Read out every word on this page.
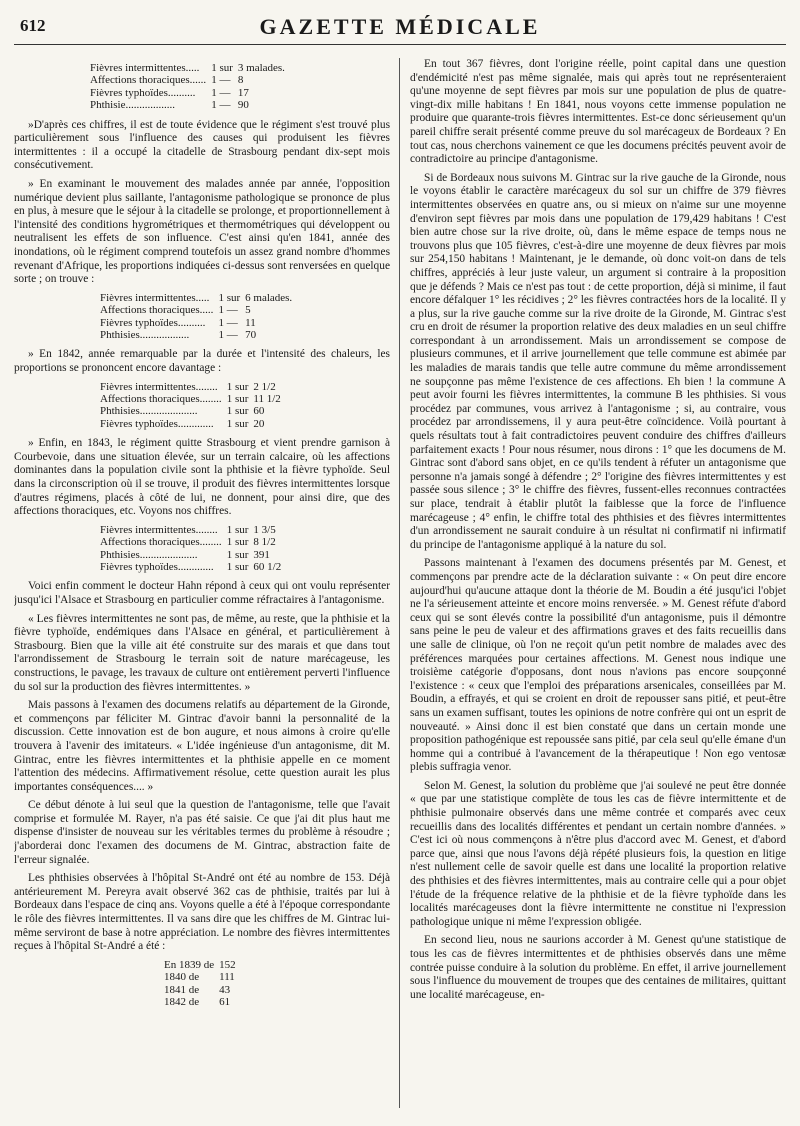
612	GAZETTE MÉDICALE
Fièvres intermittentes.....	1 sur	3 malades.
Affections thoraciques......	1 —	8
Fièvres typhoïdes..........	1 —	17
Phthisie..................	1 —	90

»D'après ces chiffres, il est de toute évidence que le régiment s'est trouvé plus particulièrement sous l'influence des causes qui produisent les fièvres intermittentes : il a occupé la citadelle de Strasbourg pendant dix-sept mois consécutivement.

» En examinant le mouvement des malades année par année, l'opposition numérique devient plus saillante, l'antagonisme pathologique se prononce de plus en plus, à mesure que le séjour à la citadelle se prolonge, et proportionnellement à l'intensité des conditions hygrométriques et thermométriques qui développent ou neutralisent les effets de son influence. C'est ainsi qu'en 1841, année des inondations, où le régiment comprend toutefois un assez grand nombre d'hommes revenant d'Afrique, les proportions indiquées ci-dessus sont renversées en quelque sorte ; on trouve :

Fièvres intermittentes.....	1 sur	6 malades.
Affections thoraciques.....	1 —	5
Fièvres typhoïdes..........	1 —	11
Phthisies..................	1 —	70

» En 1842, année remarquable par la durée et l'intensité des chaleurs, les proportions se prononcent encore davantage :

Fièvres intermittentes........	1 sur	2 1/2
Affections thoraciques........	1 sur	11 1/2
Phthisies.....................	1 sur	60
Fièvres typhoïdes.............	1 sur	20

» Enfin, en 1843, le régiment quitte Strasbourg et vient prendre garnison à Courbevoie, dans une situation élevée, sur un terrain calcaire, où les affections dominantes dans la population civile sont la phthisie et la fièvre typhoïde. Seul dans la circonscription où il se trouve, il produit des fièvres intermittentes lorsque d'autres régimens, placés à côté de lui, ne donnent, pour ainsi dire, que des affections thoraciques, etc. Voyons nos chiffres.

Fièvres intermittentes........	1 sur	1 3/5
Affections thoraciques........	1 sur	8 1/2
Phthisies.....................	1 sur	391
Fièvres typhoïdes.............	1 sur	60 1/2

Voici enfin comment le docteur Hahn répond à ceux qui ont voulu représenter jusqu'ici l'Alsace et Strasbourg en particulier comme réfractaires à l'antagonisme.

« Les fièvres intermittentes ne sont pas, de même, au reste, que la phthisie et la fièvre typhoïde, endémiques dans l'Alsace en général, et particulièrement à Strasbourg. Bien que la ville ait été construite sur des marais et que dans tout l'arrondissement de Strasbourg le terrain soit de nature marécageuse, les constructions, le pavage, les travaux de culture ont entièrement perverti l'influence du sol sur la production des fièvres intermittentes. »

Mais passons à l'examen des documens relatifs au département de la Gironde, et commençons par féliciter M. Gintrac d'avoir banni la personnalité de la discussion. Cette innovation est de bon augure, et nous aimons à croire qu'elle trouvera à l'avenir des imitateurs. « L'idée ingénieuse d'un antagonisme, dit M. Gintrac, entre les fièvres intermittentes et la phthisie appelle en ce moment l'attention des médecins. Affirmativement résolue, cette question aurait les plus importantes conséquences.... »

Ce début dénote à lui seul que la question de l'antagonisme, telle que l'avait comprise et formulée M. Rayer, n'a pas été saisie. Ce que j'ai dit plus haut me dispense d'insister de nouveau sur les véritables termes du problème à résoudre ; j'aborderai donc l'examen des documens de M. Gintrac, abstraction faite de l'erreur signalée.

Les phthisies observées à l'hôpital St-André ont été au nombre de 153. Déjà antérieurement M. Pereyra avait observé 362 cas de phthisie, traités par lui à Bordeaux dans l'espace de cinq ans. Voyons quelle a été à l'époque correspondante le rôle des fièvres intermittentes. Il va sans dire que les chiffres de M. Gintrac lui-même serviront de base à notre appréciation. Le nombre des fièvres intermittentes reçues à l'hôpital St-André a été :

En 1839 de	152
1840 de	111
1841 de	43
1842 de	61

En tout 367 fièvres, dont l'origine réelle, point capital dans une question d'endémicité n'est pas même signalée, mais qui après tout ne représenteraient qu'une moyenne de sept fièvres par mois sur une population de plus de quatre-vingt-dix mille habitans ! En 1841, nous voyons cette immense population ne produire que quarante-trois fièvres intermittentes. Est-ce donc sérieusement qu'un pareil chiffre serait présenté comme preuve du sol marécageux de Bordeaux ? En tout cas, nous cherchons vainement ce que les documens précités peuvent avoir de contradictoire au principe d'antagonisme.

Si de Bordeaux nous suivons M. Gintrac sur la rive gauche de la Gironde, nous le voyons établir le caractère marécageux du sol sur un chiffre de 379 fièvres intermittentes observées en quatre ans, ou si mieux on n'aime sur une moyenne d'environ sept fièvres par mois dans une population de 179,429 habitans ! C'est bien autre chose sur la rive droite, où, dans le même espace de temps nous ne trouvons plus que 105 fièvres, c'est-à-dire une moyenne de deux fièvres par mois sur 254,150 habitans ! Maintenant, je le demande, où donc voit-on dans de tels chiffres, appréciés à leur juste valeur, un argument si contraire à la proposition que je défends ? Mais ce n'est pas tout : de cette proportion, déjà si minime, il faut encore défalquer 1° les récidives ; 2° les fièvres contractées hors de la localité. Il y a plus, sur la rive gauche comme sur la rive droite de la Gironde, M. Gintrac s'est cru en droit de résumer la proportion relative des deux maladies en un seul chiffre correspondant à un arrondissement. Mais un arrondissement se compose de plusieurs communes, et il arrive journellement que telle commune est abimée par les maladies de marais tandis que telle autre commune du même arrondissement ne soupçonne pas même l'existence de ces affections. Eh bien ! la commune A peut avoir fourni les fièvres intermittentes, la commune B les phthisies. Si vous procédez par communes, vous arrivez à l'antagonisme ; si, au contraire, vous procédez par arrondissemens, il y aura peut-être coïncidence. Voilà pourtant à quels résultats tout à fait contradictoires peuvent conduire des chiffres d'ailleurs parfaitement exacts ! Pour nous résumer, nous dirons : 1° que les documens de M. Gintrac sont d'abord sans objet, en ce qu'ils tendent à réfuter un antagonisme que personne n'a jamais songé à défendre ; 2° l'origine des fièvres intermittentes y est passée sous silence ; 3° le chiffre des fièvres, fussent-elles reconnues contractées sur place, tendrait à établir plutôt la faiblesse que la force de l'influence marécageuse ; 4° enfin, le chiffre total des phthisies et des fièvres intermittentes d'un arrondissement ne saurait conduire à un résultat ni confirmatif ni infirmatif du principe de l'antagonisme appliqué à la nature du sol.

Passons maintenant à l'examen des documens présentés par M. Genest, et commençons par prendre acte de la déclaration suivante : « On peut dire encore aujourd'hui qu'aucune attaque dont la théorie de M. Boudin a été jusqu'ici l'objet ne l'a sérieusement atteinte et encore moins renversée. » M. Genest réfute d'abord ceux qui se sont élevés contre la possibilité d'un antagonisme, puis il démontre sans peine le peu de valeur et des affirmations graves et des faits recueillis dans une salle de clinique, où l'on ne reçoit qu'un petit nombre de malades avec des préférences marquées pour certaines affections. M. Genest nous indique une troisième catégorie d'opposans, dont nous n'avions pas encore soupçonné l'existence : « ceux que l'emploi des préparations arsenicales, conseillées par M. Boudin, a effrayés, et qui se croient en droit de repousser sans pitié, et peut-être sans un examen suffisant, toutes les opinions de notre confrère qui ont un esprit de nouveauté. » Ainsi donc il est bien constaté que dans un certain monde une proposition pathogénique est repoussée sans pitié, par cela seul qu'elle émane d'un homme qui a contribué à l'avancement de la thérapeutique ! Non ego ventosæ plebis suffragia venor.

Selon M. Genest, la solution du problème que j'ai soulevé ne peut être donnée « que par une statistique complète de tous les cas de fièvre intermittente et de phthisie pulmonaire observés dans une même contrée et comparés avec ceux recueillis dans des localités différentes et pendant un certain nombre d'années. » C'est ici où nous commençons à n'être plus d'accord avec M. Genest, et d'abord parce que, ainsi que nous l'avons déjà répété plusieurs fois, la question en litige n'est nullement celle de savoir quelle est dans une localité la proportion relative des phthisies et des fièvres intermittentes, mais au contraire celle qui a pour objet l'étude de la fréquence relative de la phthisie et de la fièvre typhoïde dans les localités marécageuses dont la fièvre intermittente ne constitue ni l'expression pathologique unique ni même l'expression obligée.

En second lieu, nous ne saurions accorder à M. Genest qu'une statistique de tous les cas de fièvres intermittentes et de phthisies observés dans une même contrée puisse conduire à la solution du problème. En effet, il arrive journellement sous l'influence du mouvement de troupes que des centaines de militaires, quittant une localité marécageuse, en-
